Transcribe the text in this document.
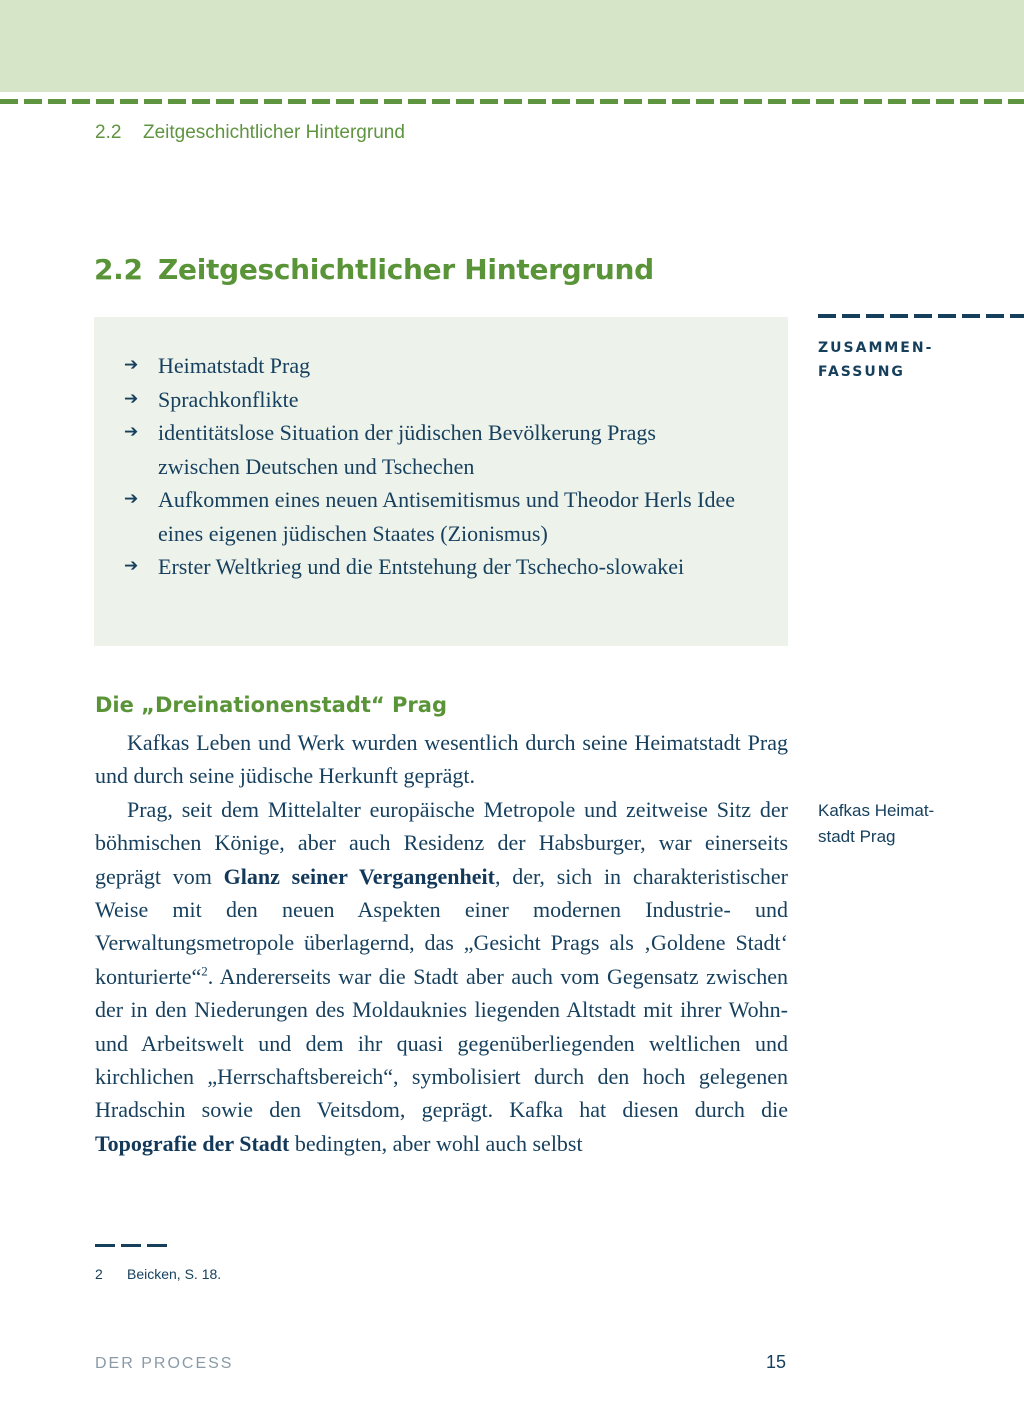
2.2 Zeitgeschichtlicher Hintergrund
2.2 Zeitgeschichtlicher Hintergrund
ZUSAMMEN-
FASSUNG
➔ Heimatstadt Prag
➔ Sprachkonflikte
➔ identitätslose Situation der jüdischen Bevölkerung Prags zwischen Deutschen und Tschechen
➔ Aufkommen eines neuen Antisemitismus und Theodor Herls Idee eines eigenen jüdischen Staates (Zionismus)
➔ Erster Weltkrieg und die Entstehung der Tschecho-slowakei
Die „Dreinationenstadt“ Prag

Kafkas Leben und Werk wurden wesentlich durch seine Heimatstadt Prag und durch seine jüdische Herkunft geprägt.

Prag, seit dem Mittelalter europäische Metropole und zeitweise Sitz der böhmischen Könige, aber auch Residenz der Habsburger, war einerseits geprägt vom Glanz seiner Vergangenheit, der, sich in charakteristischer Weise mit den neuen Aspekten einer modernen Industrie- und Verwaltungsmetropole überlagernd, das „Gesicht Prags als ‚Goldene Stadt‘ konturierte“$^2$. Andererseits war die Stadt aber auch vom Gegensatz zwischen der in den Niederungen des Moldauknies liegenden Altstadt mit ihrer Wohn- und Arbeitswelt und dem ihr quasi gegenüberliegenden weltlichen und kirchlichen „Herrschaftsbereich“, symbolisiert durch den hoch gelegenen Hradschin sowie den Veitsdom, geprägt. Kafka hat diesen durch die Topografie der Stadt bedingten, aber wohl auch selbst

Kafkas Heimat-
stadt Prag
2 Beicken, S. 18.
DER PROCESS	15
